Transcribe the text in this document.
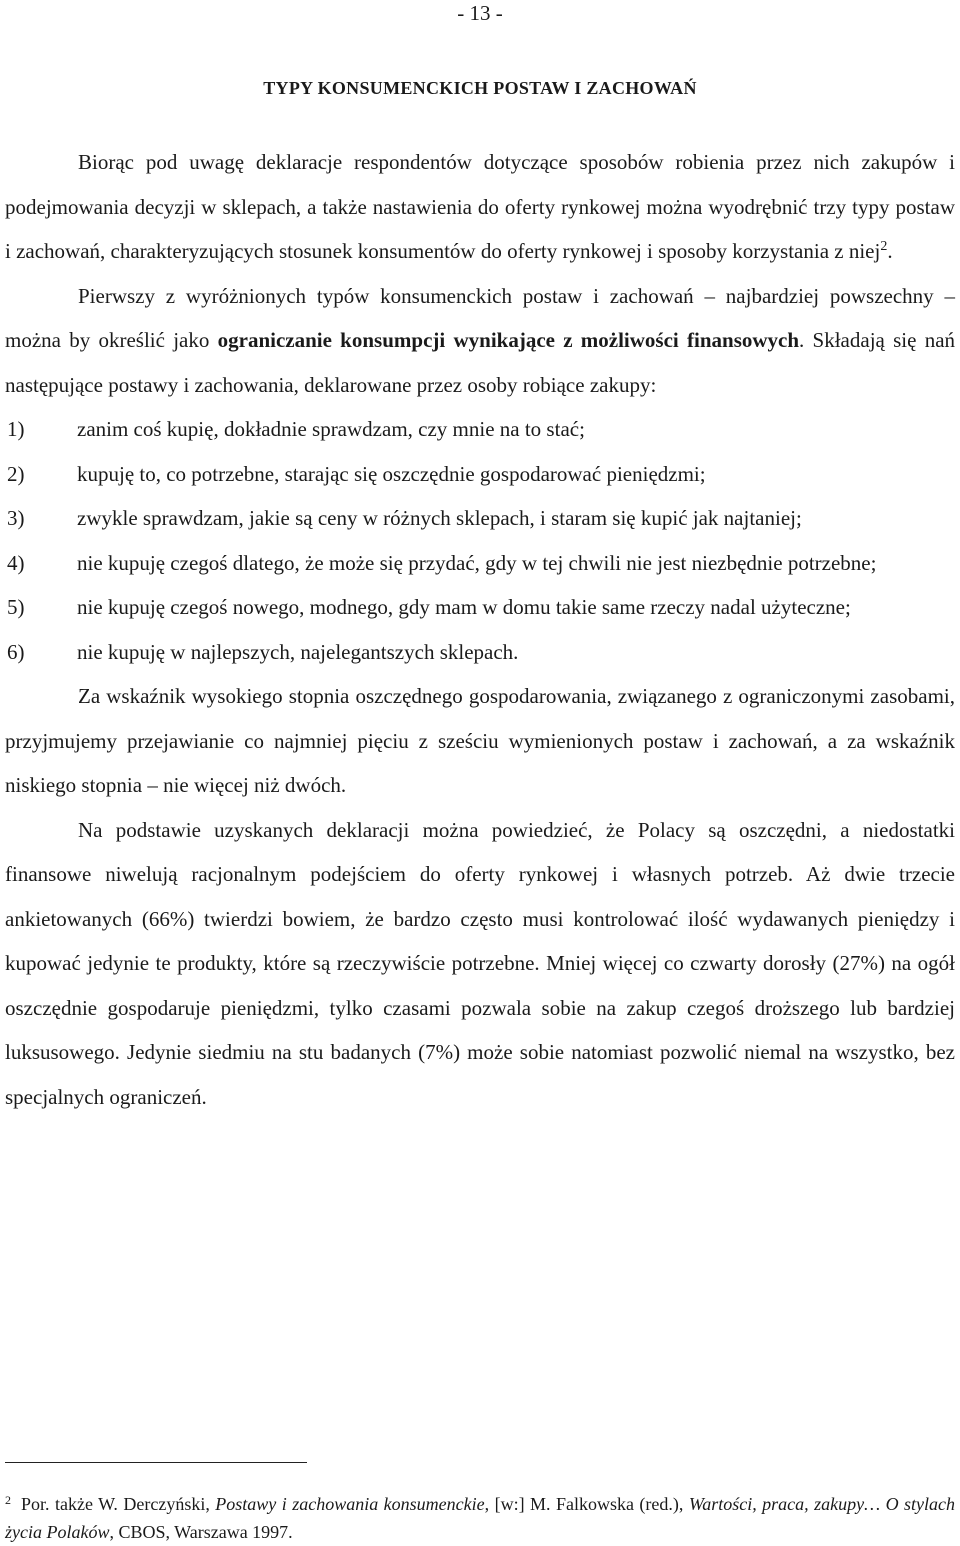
- 13 -
TYPY KONSUMENCKICH POSTAW I ZACHOWAŃ

Biorąc pod uwagę deklaracje respondentów dotyczące sposobów robienia przez nich zakupów i podejmowania decyzji w sklepach, a także nastawienia do oferty rynkowej można wyodrębnić trzy typy postaw i zachowań, charakteryzujących stosunek konsumentów do oferty rynkowej i sposoby korzystania z niej$^2$.

Pierwszy z wyróżnionych typów konsumenckich postaw i zachowań – najbardziej powszechny – można by określić jako ograniczanie konsumpcji wynikające z możliwości finansowych. Składają się nań następujące postawy i zachowania, deklarowane przez osoby robiące zakupy:

1)	zanim coś kupię, dokładnie sprawdzam, czy mnie na to stać;
2)	kupuję to, co potrzebne, starając się oszczędnie gospodarować pieniędzmi;
3)	zwykle sprawdzam, jakie są ceny w różnych sklepach, i staram się kupić jak najtaniej;
4)	nie kupuję czegoś dlatego, że może się przydać, gdy w tej chwili nie jest niezbędnie potrzebne;
5)	nie kupuję czegoś nowego, modnego, gdy mam w domu takie same rzeczy nadal użyteczne;
6)	nie kupuję w najlepszych, najelegantszych sklepach.

Za wskaźnik wysokiego stopnia oszczędnego gospodarowania, związanego z ograniczonymi zasobami, przyjmujemy przejawianie co najmniej pięciu z sześciu wymienionych postaw i zachowań, a za wskaźnik niskiego stopnia – nie więcej niż dwóch.

Na podstawie uzyskanych deklaracji można powiedzieć, że Polacy są oszczędni, a niedostatki finansowe niwelują racjonalnym podejściem do oferty rynkowej i własnych potrzeb. Aż dwie trzecie ankietowanych (66%) twierdzi bowiem, że bardzo często musi kontrolować ilość wydawanych pieniędzy i kupować jedynie te produkty, które są rzeczywiście potrzebne. Mniej więcej co czwarty dorosły (27%) na ogół oszczędnie gospodaruje pieniędzmi, tylko czasami pozwala sobie na zakup czegoś droższego lub bardziej luksusowego. Jedynie siedmiu na stu badanych (7%) może sobie natomiast pozwolić niemal na wszystko, bez specjalnych ograniczeń.

$^2$ Por. także W. Derczyński, Postawy i zachowania konsumenckie, [w:] M. Falkowska (red.), Wartości, praca, zakupy… O stylach życia Polaków, CBOS, Warszawa 1997.
